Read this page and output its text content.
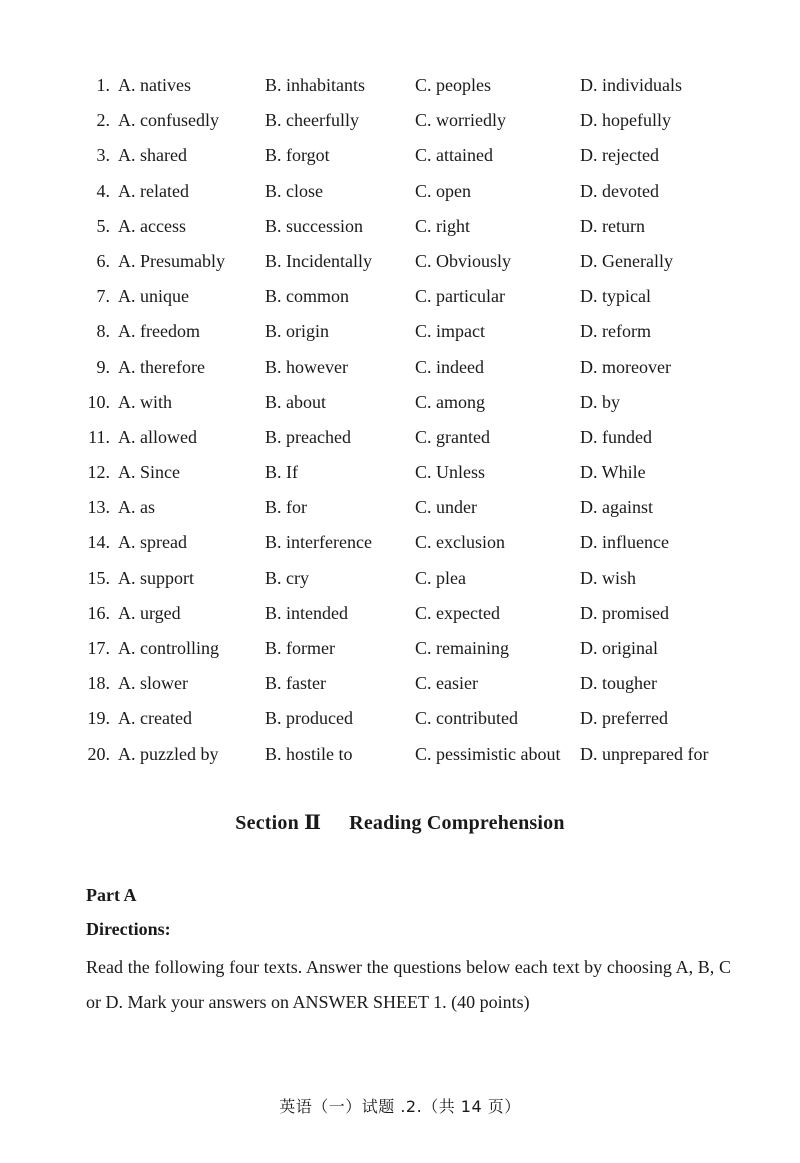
1. A. natives	B. inhabitants	C. peoples	D. individuals
2. A. confusedly	B. cheerfully	C. worriedly	D. hopefully
3. A. shared	B. forgot	C. attained	D. rejected
4. A. related	B. close	C. open	D. devoted
5. A. access	B. succession	C. right	D. return
6. A. Presumably B. Incidentally C. Obviously	D. Generally
7. A. unique	B. common	C. particular	D. typical
8. A. freedom	B. origin	C. impact	D. reform
9. A. therefore	B. however	C. indeed	D. moreover
10. A. with	B. about	C. among	D. by
11. A. allowed	B. preached	C. granted	D. funded
12. A. Since	B. If	C. Unless	D. While
13. A. as	B. for	C. under	D. against
14. A. spread	B. interference C. exclusion	D. influence
15. A. support	B. cry	C. plea	D. wish
16. A. urged	B. intended	C. expected	D. promised
17. A. controlling	B. former	C. remaining	D. original
18. A. slower	B. faster	C. easier	D. tougher
19. A. created	B. produced	C. contributed	D. preferred
20. A. puzzled by	B. hostile to	C. pessimistic about D. unprepared for
Section Ⅱ Reading Comprehension
Part A
Directions:
Read the following four texts. Answer the questions below each text by choosing A, B, C or D. Mark your answers on ANSWER SHEET 1. (40 points)
英语（一）试题 .2.（共 14 页）
